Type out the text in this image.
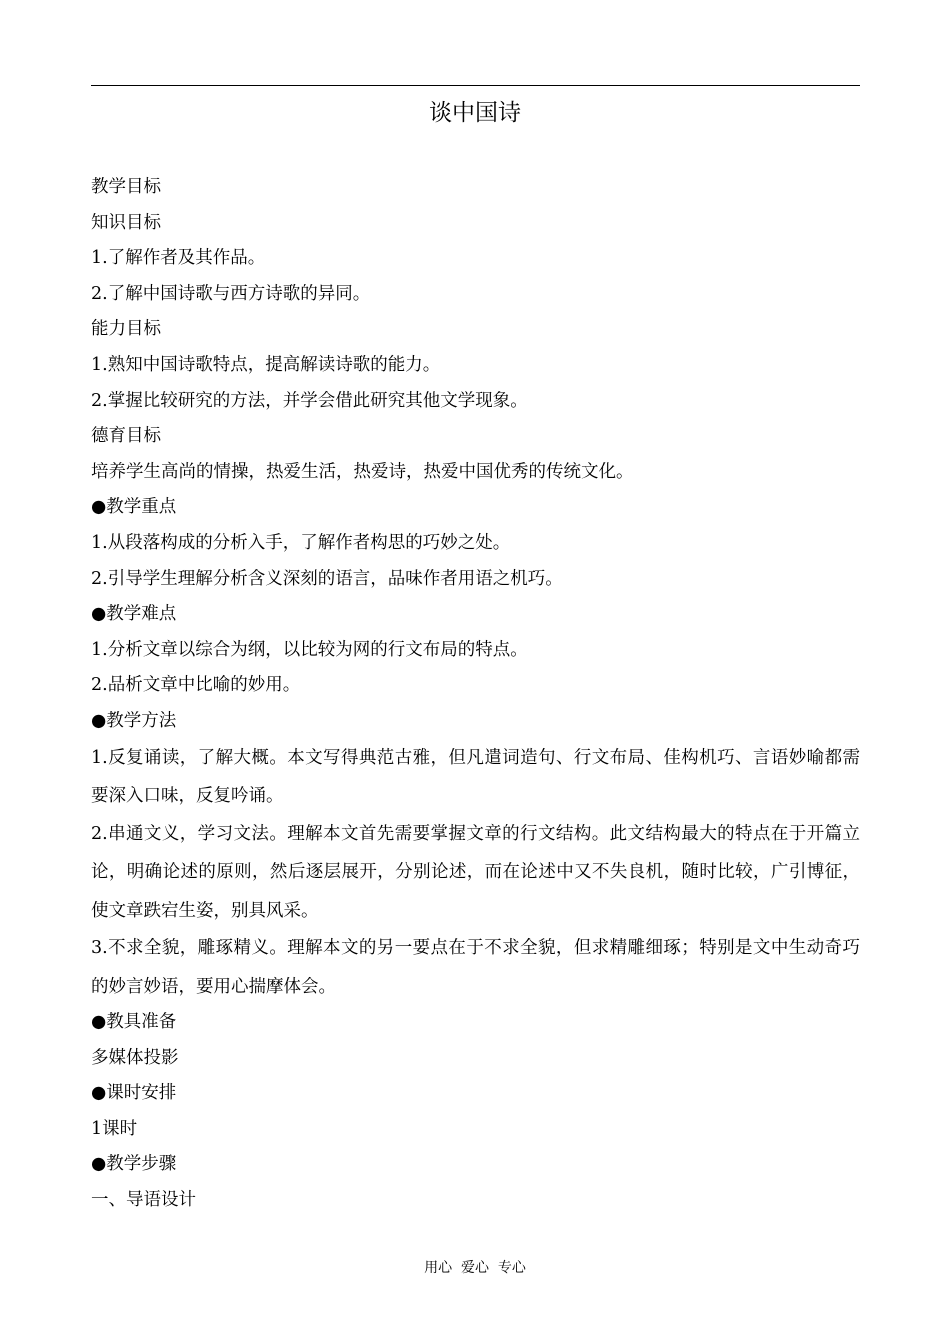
谈中国诗
教学目标
知识目标
1.了解作者及其作品。
2.了解中国诗歌与西方诗歌的异同。
能力目标
1.熟知中国诗歌特点，提高解读诗歌的能力。
2.掌握比较研究的方法，并学会借此研究其他文学现象。
德育目标
培养学生高尚的情操，热爱生活，热爱诗，热爱中国优秀的传统文化。
●教学重点
1.从段落构成的分析入手，了解作者构思的巧妙之处。
2.引导学生理解分析含义深刻的语言，品味作者用语之机巧。
●教学难点
1.分析文章以综合为纲，以比较为网的行文布局的特点。
2.品析文章中比喻的妙用。
●教学方法
1.反复诵读，了解大概。本文写得典范古雅，但凡遣词造句、行文布局、佳构机巧、言语妙喻都需要深入口味，反复吟诵。
2.串通文义，学习文法。理解本文首先需要掌握文章的行文结构。此文结构最大的特点在于开篇立论，明确论述的原则，然后逐层展开，分别论述，而在论述中又不失良机，随时比较，广引博征，使文章跌宕生姿，别具风采。
3.不求全貌，雕琢精义。理解本文的另一要点在于不求全貌，但求精雕细琢；特别是文中生动奇巧的妙言妙语，要用心揣摩体会。
●教具准备
多媒体投影
●课时安排
1课时
●教学步骤
一、导语设计
用心  爱心  专心
